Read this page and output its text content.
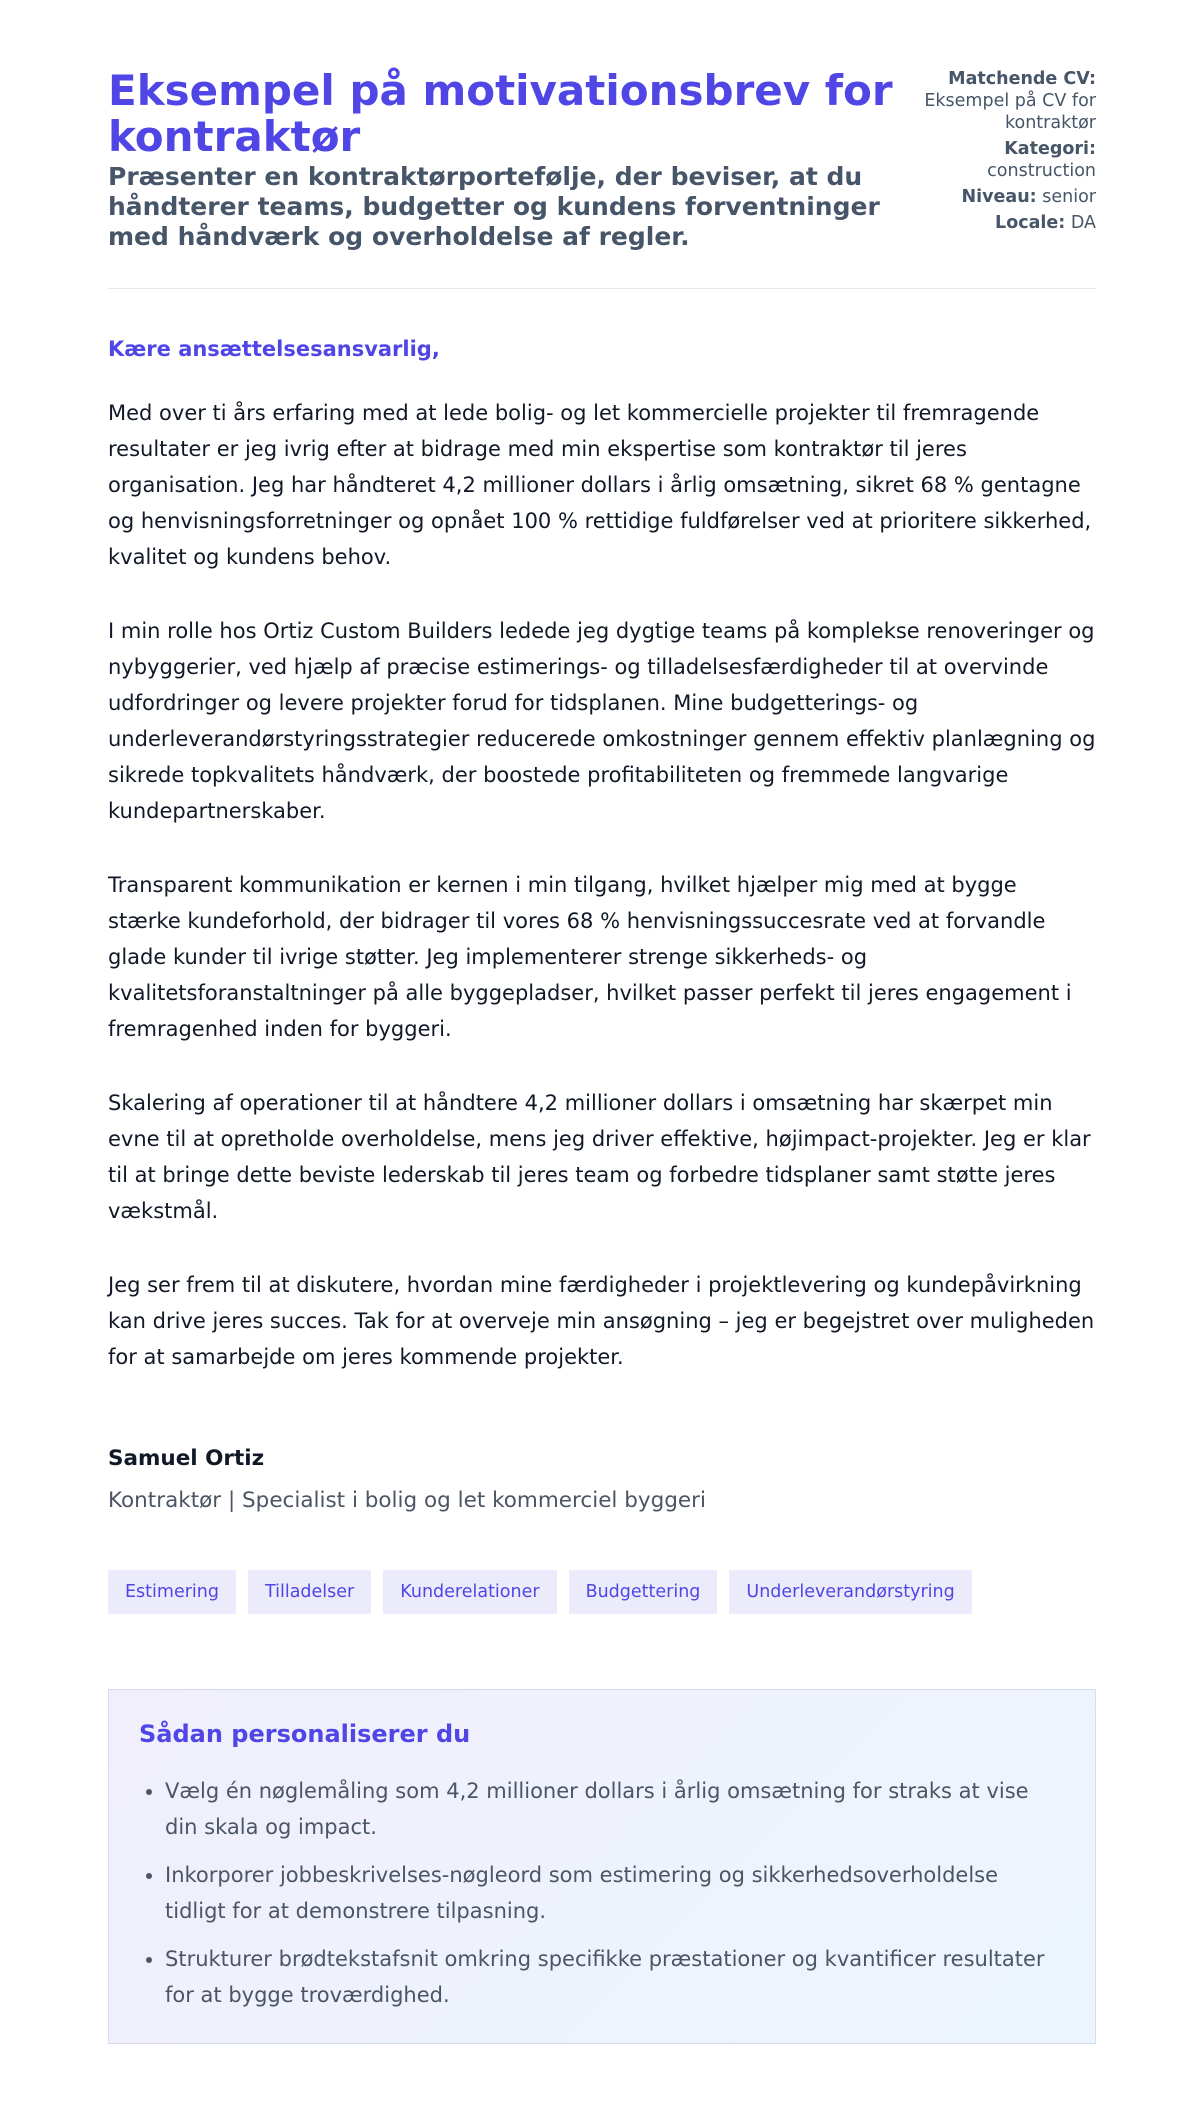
Eksempel på motivationsbrev for kontraktør
Præsenter en kontraktørportefølje, der beviser, at du håndterer teams, budgetter og kundens forventninger med håndværk og overholdelse af regler.
Matchende CV:
Eksempel på CV for kontraktør
Kategori:
construction
Niveau: senior
Locale: DA
Kære ansættelsesansvarlig,

Med over ti års erfaring med at lede bolig- og let kommercielle projekter til fremragende resultater er jeg ivrig efter at bidrage med min ekspertise som kontraktør til jeres organisation. Jeg har håndteret 4,2 millioner dollars i årlig omsætning, sikret 68 % gentagne og henvisningsforretninger og opnået 100 % rettidige fuldførelser ved at prioritere sikkerhed, kvalitet og kundens behov.

I min rolle hos Ortiz Custom Builders ledede jeg dygtige teams på komplekse renoveringer og nybyggerier, ved hjælp af præcise estimerings- og tilladelsesfærdigheder til at overvinde udfordringer og levere projekter forud for tidsplanen. Mine budgetterings- og underleverandørstyringsstrategier reducerede omkostninger gennem effektiv planlægning og sikrede topkvalitets håndværk, der boostede profitabiliteten og fremmede langvarige kundepartnerskaber.

Transparent kommunikation er kernen i min tilgang, hvilket hjælper mig med at bygge stærke kundeforhold, der bidrager til vores 68 % henvisningssuccesrate ved at forvandle glade kunder til ivrige støtter. Jeg implementerer strenge sikkerheds- og kvalitetsforanstaltninger på alle byggepladser, hvilket passer perfekt til jeres engagement i fremragenhed inden for byggeri.

Skalering af operationer til at håndtere 4,2 millioner dollars i omsætning har skærpet min evne til at opretholde overholdelse, mens jeg driver effektive, højimpact-projekter. Jeg er klar til at bringe dette beviste lederskab til jeres team og forbedre tidsplaner samt støtte jeres vækstmål.

Jeg ser frem til at diskutere, hvordan mine færdigheder i projektlevering og kundepåvirkning kan drive jeres succes. Tak for at overveje min ansøgning – jeg er begejstret over muligheden for at samarbejde om jeres kommende projekter.

Samuel Ortiz
Kontraktør | Specialist i bolig og let kommerciel byggeri
Estimering	Tilladelser	Kunderelationer	Budgettering	Underleverandørstyring
Sådan personaliserer du
• Vælg én nøglemåling som 4,2 millioner dollars i årlig omsætning for straks at vise din skala og impact.
• Inkorporer jobbeskrivelses-nøgleord som estimering og sikkerhedsoverholdelse tidligt for at demonstrere tilpasning.
• Strukturer brødtekstafsnit omkring specifikke præstationer og kvantificer resultater for at bygge troværdighed.
